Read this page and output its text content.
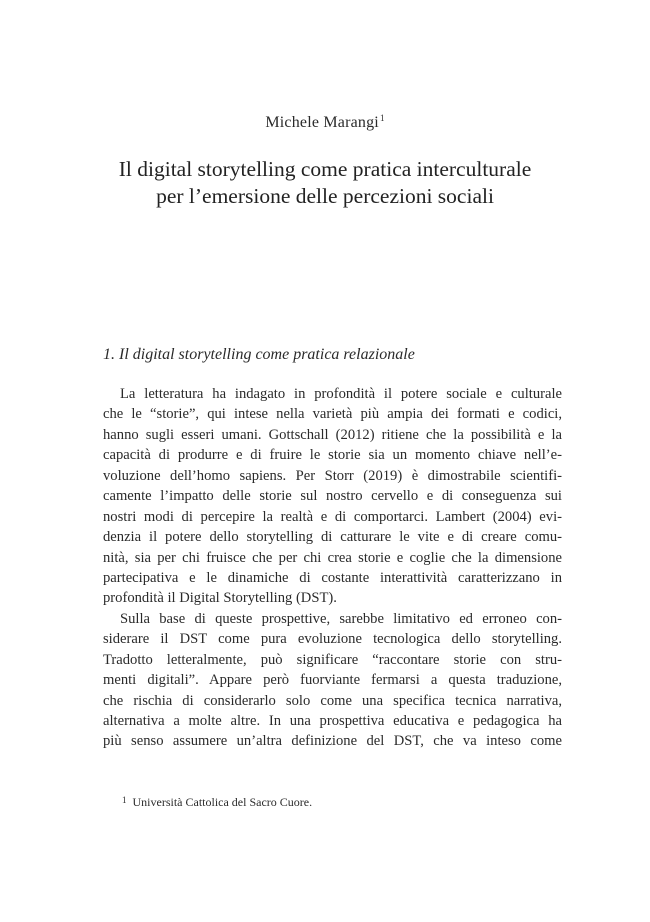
Michele Marangi$^1$
Il digital storytelling come pratica interculturale
per l’emersione delle percezioni sociali
1. Il digital storytelling come pratica relazionale
La letteratura ha indagato in profondità il potere sociale e culturale
che le “storie”, qui intese nella varietà più ampia dei formati e codici,
hanno sugli esseri umani. Gottschall (2012) ritiene che la possibilità e la
capacità di produrre e di fruire le storie sia un momento chiave nell’e-
voluzione dell’homo sapiens. Per Storr (2019) è dimostrabile scientifi-
camente l’impatto delle storie sul nostro cervello e di conseguenza sui
nostri modi di percepire la realtà e di comportarci. Lambert (2004) evi-
denzia il potere dello storytelling di catturare le vite e di creare comu-
nità, sia per chi fruisce che per chi crea storie e coglie che la dimensione
partecipativa e le dinamiche di costante interattività caratterizzano in
profondità il Digital Storytelling (DST).
Sulla base di queste prospettive, sarebbe limitativo ed erroneo con-
siderare il DST come pura evoluzione tecnologica dello storytelling.
Tradotto letteralmente, può significare “raccontare storie con stru-
menti digitali”. Appare però fuorviante fermarsi a questa traduzione,
che rischia di considerarlo solo come una specifica tecnica narrativa,
alternativa a molte altre. In una prospettiva educativa e pedagogica ha
più senso assumere un’altra definizione del DST, che va inteso come
$^1$ Università Cattolica del Sacro Cuore.
